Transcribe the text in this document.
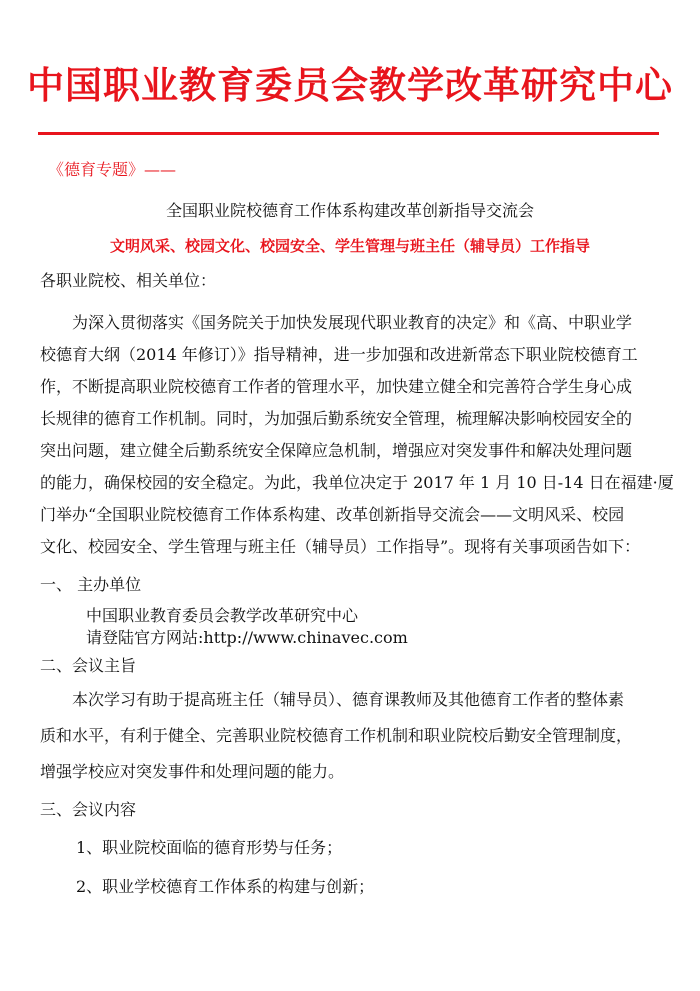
中国职业教育委员会教学改革研究中心
《德育专题》——
全国职业院校德育工作体系构建改革创新指导交流会
文明风采、校园文化、校园安全、学生管理与班主任（辅导员）工作指导
各职业院校、相关单位：
为深入贯彻落实《国务院关于加快发展现代职业教育的决定》和《高、中职业学
校德育大纲（2014 年修订）》指导精神，进一步加强和改进新常态下职业院校德育工
作，不断提高职业院校德育工作者的管理水平，加快建立健全和完善符合学生身心成
长规律的德育工作机制。同时，为加强后勤系统安全管理，梳理解决影响校园安全的
突出问题，建立健全后勤系统安全保障应急机制，增强应对突发事件和解决处理问题
的能力，确保校园的安全稳定。为此，我单位决定于 2017 年 1 月 10 日-14 日在福建·厦
门举办“全国职业院校德育工作体系构建、改革创新指导交流会——文明风采、校园
文化、校园安全、学生管理与班主任（辅导员）工作指导”。现将有关事项函告如下：
一、 主办单位
中国职业教育委员会教学改革研究中心
请登陆官方网站:http://www.chinavec.com
二、会议主旨
本次学习有助于提高班主任（辅导员）、德育课教师及其他德育工作者的整体素
质和水平，有利于健全、完善职业院校德育工作机制和职业院校后勤安全管理制度，
增强学校应对突发事件和处理问题的能力。
三、会议内容
1、职业院校面临的德育形势与任务；
2、职业学校德育工作体系的构建与创新；
